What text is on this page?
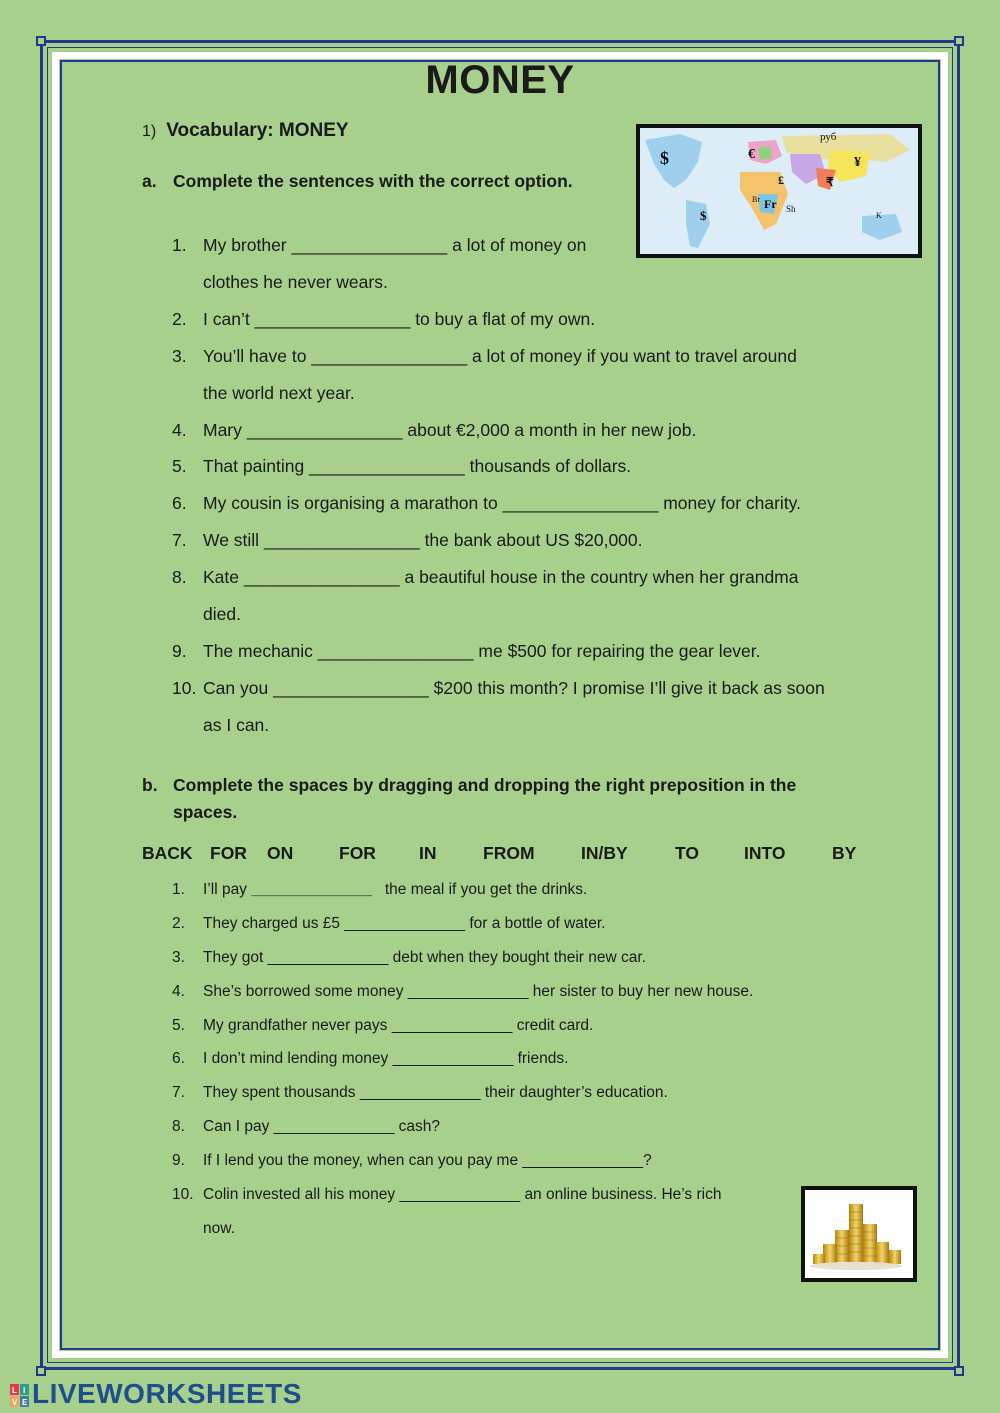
MONEY
1) Vocabulary: MONEY
$
$
€
£	₹
¥
руб
Fr Sh
Br
K
a. Complete the sentences with the correct option.
1. My brother ________________ a lot of money on
clothes he never wears.
2. I can’t ________________ to buy a flat of my own.
3. You’ll have to ________________ a lot of money if you want to travel around
the world next year.
4. Mary ________________ about €2,000 a month in her new job.
5. That painting ________________ thousands of dollars.
6. My cousin is organising a marathon to ________________ money for charity.
7. We still ________________ the bank about US $20,000.
8. Kate ________________ a beautiful house in the country when her grandma
died.
9. The mechanic ________________ me $500 for repairing the gear lever.
10. Can you ________________ $200 this month? I promise I’ll give it back as soon
as I can.
b. Complete the spaces by dragging and dropping the right preposition in the
spaces.
BACK FOR ON	FOR IN	FROM	IN/BY	TO	INTO	BY
1. I’ll pay ______________ the meal if you get the drinks.
2. They charged us £5 ______________ for a bottle of water.
3. They got ______________ debt when they bought their new car.
4. She’s borrowed some money ______________ her sister to buy her new house.
5. My grandfather never pays ______________ credit card.
6. I don’t mind lending money ______________ friends.
7. They spent thousands ______________ their daughter’s education.
8. Can I pay ______________ cash?
9. If I lend you the money, when can you pay me ______________?
10. Colin invested all his money ______________ an online business. He’s rich
now.
L I
V E LIVEWORKSHEETS
